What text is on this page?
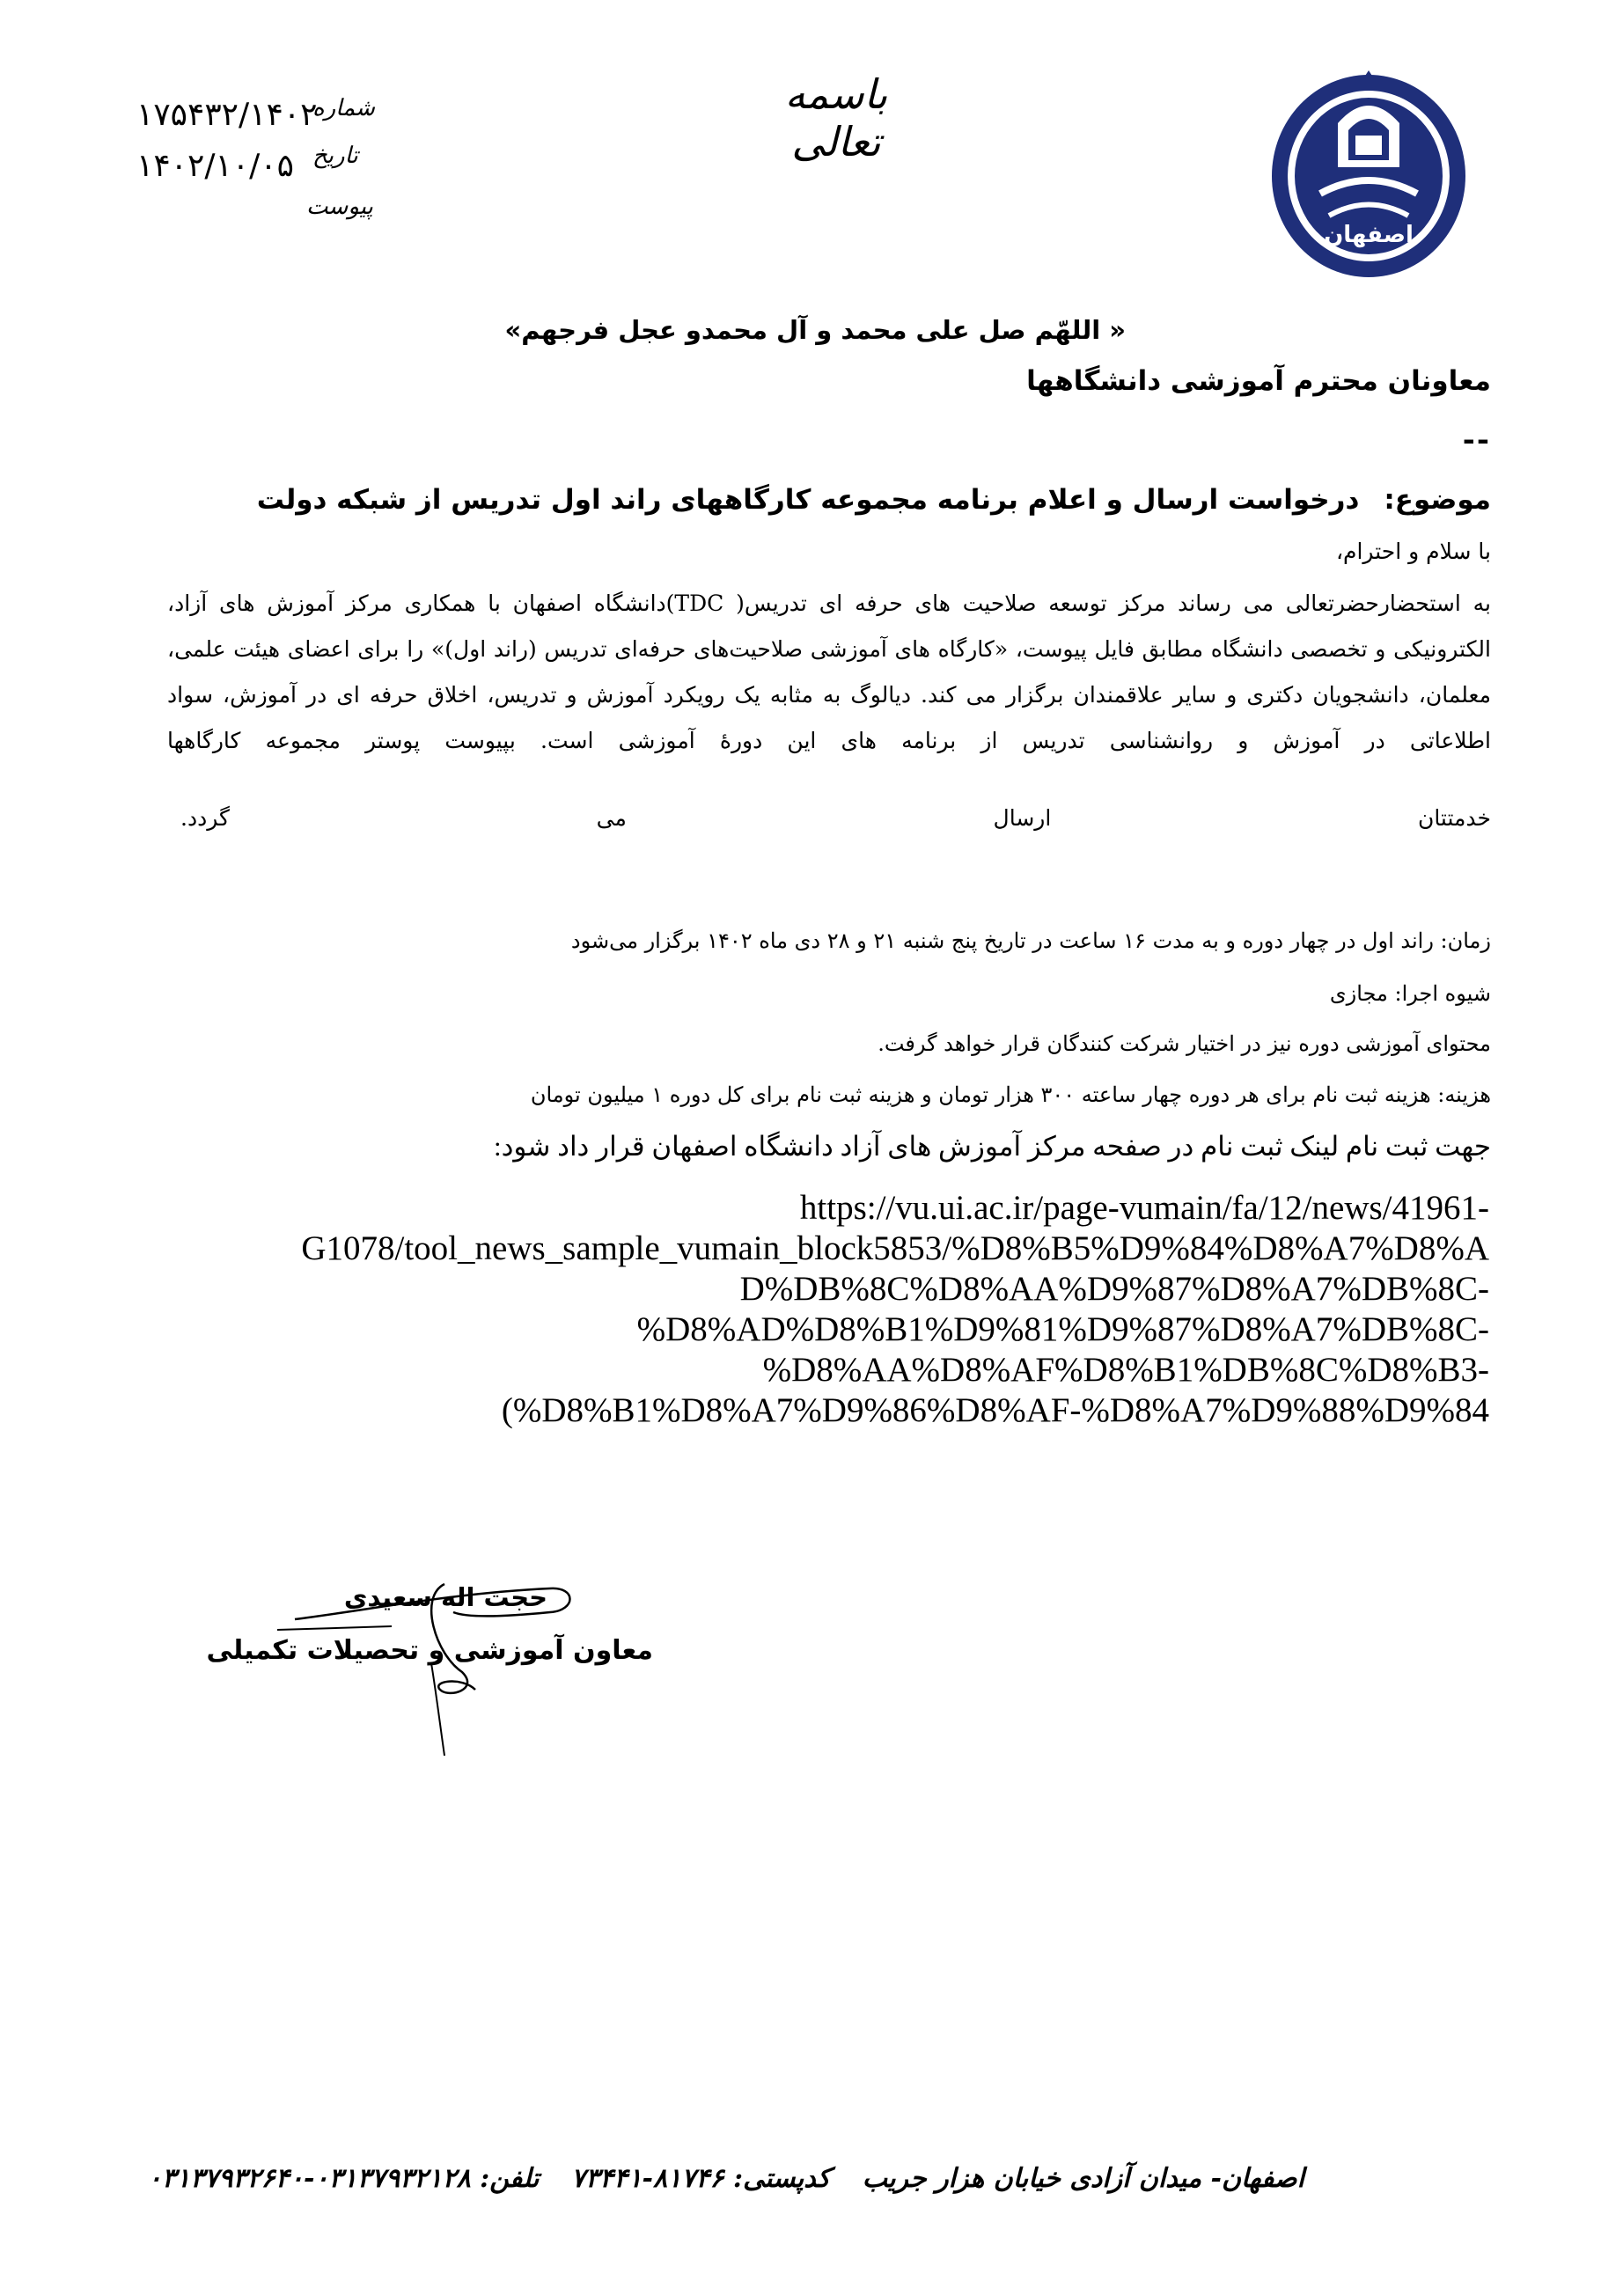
اصفهان
باسمه تعالی
شماره
تاریخ
پیوست
۱۷۵۴۳۲/۱۴۰۲
۱۴۰۲/۱۰/۰۵
« اللهّم صل علی محمد و آل محمدو عجل فرجهم»
معاونان محترم آموزشی دانشگاهها
--
موضوع:درخواست ارسال و اعلام برنامه مجموعه کارگاههای راند اول تدریس از شبکه دولت
با سلام و احترام،
به استحضارحضرتعالی می رساند مرکز توسعه صلاحیت های حرفه ای تدریس( TDC)دانشگاه اصفهان با همکاری مرکز آموزش های آزاد، الکترونیکی و تخصصی دانشگاه مطابق فایل پیوست، «کارگاه های آموزشی صلاحیت‌های حرفه‌ای تدریس (راند اول)» را برای اعضای هیئت علمی، معلمان، دانشجویان دکتری و سایر علاقمندان برگزار می کند. دیالوگ به مثابه یک رویکرد آموزش و تدریس، اخلاق حرفه ای در آموزش، سواد اطلاعاتی در آموزش و روانشناسی تدریس از برنامه های این دورۀ آموزشی است. بپیوست پوستر مجموعه کارگاهها
خدمتتان
ارسال
می
گردد.
زمان: راند اول در چهار دوره و به مدت ۱۶ ساعت در تاریخ پنج شنبه ۲۱ و ۲۸ دی ماه ۱۴۰۲ برگزار می‌شود
شیوه اجرا: مجازی
محتوای آموزشی دوره نیز در اختیار شرکت کنندگان قرار خواهد گرفت.
هزینه: هزینه ثبت نام برای هر دوره چهار ساعته ۳۰۰ هزار تومان و هزینه ثبت نام برای کل دوره ۱ میلیون تومان
جهت ثبت نام لینک ثبت نام در صفحه مرکز آموزش های آزاد دانشگاه اصفهان قرار داد شود:
https://vu.ui.ac.ir/page-vumain/fa/12/news/41961-
G1078/tool_news_sample_vumain_block5853/%D8%B5%D9%84%D8%A7%D8%A
D%DB%8C%D8%AA%D9%87%D8%A7%DB%8C-
%D8%AD%D8%B1%D9%81%D9%87%D8%A7%DB%8C-
%D8%AA%D8%AF%D8%B1%DB%8C%D8%B3-
(%D8%B1%D8%A7%D9%86%D8%AF-%D8%A7%D9%88%D9%84
حجت اله سعیدی
معاون آموزشی و تحصیلات تکمیلی
اصفهان- میدان آزادی خیابان هزار جریب کدپستی: ۸۱۷۴۶-۷۳۴۴۱ تلفن: ۰۳۱۳۷۹۳۲۱۲۸-۰۳۱۳۷۹۳۲۶۴۰
